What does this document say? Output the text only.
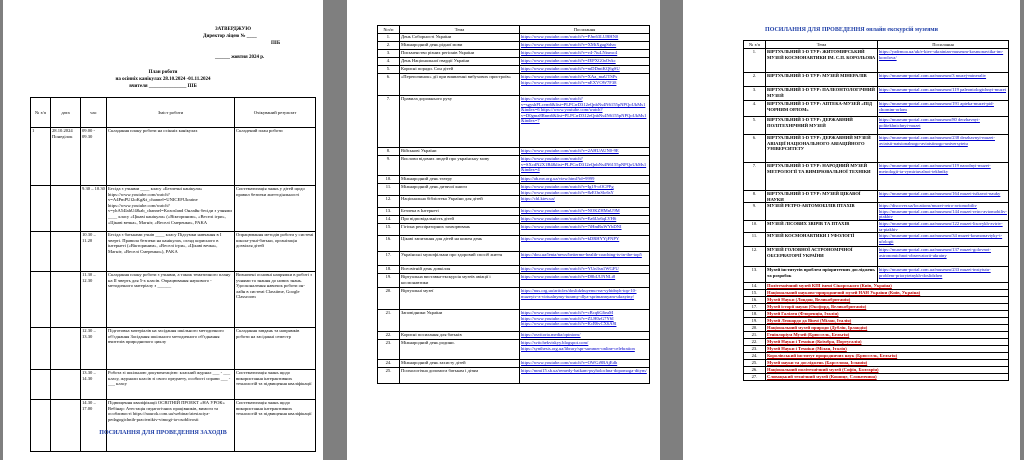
ЗАТВЕРДЖУЮ
Директор ліцею № ____
ПІБ
______ жовтня 2024 р.
План роботи
на осінніх канікулах 28.10.2024 -01.11.2024
вчителя _______________ ПІБ
№ з/п	дата	час	Зміст роботи	Очікуваний результат
1	28.10.2024 Понеділок	09.00 - 09.30	Складання плану роботи на осінніх канікулах	Складений план роботи
		9.30 – 10.30	Бесіда з учнями ____ класу «Безпечні канікули» https://www.youtube.com/watch?v=A4PmPUf2oKg&t_channel=UNICEFUkraine https://www.youtube.com/watch?v=yhA54lahU4&ab_channel=Kozosland Онлайн бесіди з учнями ____ класу «Цікаві канікули» («Вікториним», «Веселі ігри», «Цікаві вечка», Магніт, «Веселі Смеренки», PAKA	Систематизація знань у дітей щодо правил безпеки життєдіяльності
		10.30 – 11.20	Бесіда з батьками учнів ____ класу Підсумки навчання в І чверті. Правила безпеки на канікулах, огляд корисного в інтернеті («Вікториним», «Веселі ігри», «Цікаві вечка», Магніт, «Веселі Смеренки»), PAKA	Опрацювання методів роботи у системі школа-учні-батьки, організація дозвілля дітей
		11.30 – 12.30	Складання плану роботи з учнями, а також тематичного плану на ІІ чверть для 5-х класів. Опрацювання наукового - методичного матеріалу з ______	Визначені основні напрямки в роботі з учнями та знання до нових знань. Удосконалення навичок роботи он-лайн в системі Classtime, Google Classroom
		12.30 – 13.30	Підготовка матеріалів на засідання шкільного методичного об'єднання Засідання шкільного методичного об'єднання вчителів природничого циклу	Складання завдань та напрямків роботи на засіданні семестр
		13.30 – 14.30	Робота зі шкільною документацією: класний журнал ___ - ___ класу, журнали класів зі свого предмету, особисті справи ___ - ___ класу	Систематизація знань щодо використання інтерактивних технологій та підвищення кваліфікації
		14.30 – 17.00	Підвищення кваліфікації ОСВІТНІЙ ПРОЕКТ «НА УРОК» Вебінар: Атестація педагогічних працівників, вимоги та особливості https://naurok.com.ua/webinar/atestaciya-pedagogichnih-pracivnikiv-vimogi-ta-osoblivosti	Систематизація знань щодо використання інтерактивних технологій та підвищення кваліфікації
ПОСИЛАННЯ ДЛЯ ПРОВЕДЕННЯ ЗАХОДІВ
№з/п	Тема	Посилання
1.	День Соборності України	https://www.youtube.com/watch?v=PJm63LUBHN0
2.	Міжнародний день рідної мови	https://www.youtube.com/watch?v=XMtXgagSdsw
3.	Письменство різних регіонів України	https://www.youtube.com/watch?v=v4-7iuLNtxmc4
4.	День Національної гвардії України	https://www.youtube.com/watch?v=JEPXG0aOvkc
5.	Корисні поради. Сон дітей	https://www.youtube.com/watch?v=mDDmtKQ6gSU
6.	«Перепочинок» дії при виявленні вибухових пристроїв»	https://www.youtube.com/watch?v=XAa_maUTSPs https://www.youtube.com/watch?v=nEXVOW7F38
7.	Правила дорожнього руху	https://www.youtube.com/watch?v=sgyshFLcvm6&list=PLPCrrD312eQnbNs4N6155pNPQoUkMs1&index=6 https://www.youtube.com/watch?v=D0gmz8Rnm6&list=PLPCrrD312eQnbNs4N6155pNPQoUkMs1&index=7
8.	Військові України	https://www.youtube.com/watch?v=2AHUAUN0-9E
9.	Вислови відомих людей про українську мову	https://www.youtube.com/watch?v=SXcdN2X1B4&list=PLPCrrD312eQnbNs4N6155pNPQoUkMs1&index=4
10.	Міжнародний день театру	https://ab.mv.org.ua/view.html?id=9999
11.	Міжнародний день дитячої книги	https://www.youtube.com/watch?v=Ig19-oOCPPg https://www.youtube.com/watch?v=8zEOnSlo6sY
12.	Національна бібліотека України для дітей	https://chl.kiev.ua/
13.	Безпека в Інтернеті	https://www.youtube.com/watch?v=NOKZHMnU9M
14.	Про відповідальність дітей	https://www.youtube.com/watch?v=Ea6Uo6qLVH6
15.	Гігієна респіраторних захворювань	https://www.youtube.com/watch?v=7iHmRuWYbDNI
16.	Цікаві запитання для дітей на кожен день	https://www.youtube.com/watch?v=kDRHYYjFNPY
17.	Українські мультфільми про здоровий спосіб життя	https://dou.ua/lenta/news/betterme-health-coaching-is-in-the-top5
18.	Всесвітній день довкілля	https://www.youtube.com/watch?v=YUn3sn1WGFU
19.	Віртуальна виставка-екскурсія музеїв авіації і космонавтики	https://www.youtube.com/watch?v=D8bUUNNLt8
20.	Віртуальні музеї	https://nus.org.ua/articles/doslidzhuyemo-na-vyhidnyh-top-10-muzeyiv-z-virtualnymy-turamy-dlya-sprimannyam-ukrayiny/
21.	Заповідники України	https://www.youtube.com/watch?v=cBcq6G6eaM https://www.youtube.com/watch?v=ZLH0zG7Y6I https://www.youtube.com/watch?v=KcR6vCX6A8I
22.	Корисні посилання для батьків	https://osvitoria.media/opinions/
23.	Міжнародний день родини.	https://svitchekviskyy.blogspot.com/ https://synthesis.org.ua/library/spr-summer-online-celebration
24.	Міжнародний день захисту дітей	https://www.youtube.com/watch?v=OWGi9BAjEdh
25.	Психологічна допомога батькам і дітям	https://mmi15.sb.ua/remedy-batkam-psyholochna-dopomoga-ditym/
ПОСИЛАННЯ ДЛЯ ПРОВЕДЕННЯ онлайн екскурсій музеями
№ з/п	Тема	Посилання
1.	ВІРТУАЛЬНИЙ 3-D ТУР: ЖИТОМИРСЬКИЙ МУЗЕЙ КОСМОНАВТИКИ ІМ. С.П. КОРОЛЬОВА	https://yadrmoa.ua/uk/e-kiev-ukrainian-museum-kosmonavtika-im-korolova/
2.	ВІРТУАЛЬНИЙ 3-D ТУР: МУЗЕЙ МІНЕРАЛІВ	https://museum-portal.com.ua/museum/3 muzej-mineraliv
3.	ВІРТУАЛЬНИЙ 3-D ТУР: ПАЛЕОНТОЛОГІЧНИЙ МУЗЕЙ	https://museum-portal.com.ua/museum/119 paleontologichnyi-muzei
4.	ВІРТУАЛЬНИЙ 3-D ТУР: АПТЕКА-МУЗЕЙ «ПІД ЧОРНИМ ОРЛОМ»	https://museum-portal.com.ua/museum/191 apteka-muzei-pid-chornim-orlom
5.	ВІРТУАЛЬНИЙ 3-D ТУР: ДЕРЖАВНИЙ ПОЛІТЕХНІЧНИЙ МУЗЕЙ	https://museum-portal.com.ua/museum/80 derzhavnyi-politekhnichnyi-muzei
6.	ВІРТУАЛЬНИЙ 3-D ТУР: ДЕРЖАВНИЙ МУЗЕЙ АВІАЦІЇ НАЦІОНАЛЬНОГО АВІАЦІЙНОГО УНІВЕРСИТЕТУ	https://museum-portal.com.ua/museum/238 derzhavnyi-muzei-aviatsii-natsionalnogo-aviatsiinogo-universytetu
7.	ВІРТУАЛЬНИЙ 3-D ТУР: НАРОДНИЙ МУЗЕЙ МЕТРОЛОГІЇ ТА ВИМІРЮВАЛЬНОЇ ТЕХНІКИ	https://museum-portal.com.ua/museum/119 narodnyi-muzei-metrologii-ta-vymiriuvalnoi-tekhniky
8.	ВІРТУАЛЬНИЙ 3-D ТУР: МУЗЕЙ ЦІКАВОЇ НАУКИ	https://museum-portal.com.ua/museum/164 muzei-tsikavoi-nauky
9.	МУЗЕЙ РЕТРО-АВТОМОБІЛІВ ПТАХІВ	https://discover.ua/locations/muzei-retro-avtomobiliv https://museum-portal.com.ua/museum/144 muzei-retro-avtomobiliv-ptakhiv
10.	МУЗЕЙ ЛІСОВИХ ЗВІРІВ ТА ПТАХІВ	https://museum-portal.com.ua/museum/122 muzei-lisovykh-zviriv-ta-ptakhiv
11.	МУЗЕЙ КОСМОНАВТИКИ І УФОЛОГІЇ	https://museum-portal.com.ua/museum/34 muzei-kosmonavtyky-i-ufologii
12.	МУЗЕЙ ГОЛОВНОЇ АСТРОНОМІЧНОЇ ОБСЕРВАТОРІЇ УКРАЇНИ	https://museum-portal.com.ua/museum/137 muzei-golovnoi-astronomichnoi-observatorii-ukrainy
13.	Музей інститутів проблем пріоритетних досліджень та розробок	https://museum-portal.com.ua/museum/233 muzei-instytutu-problem-priorytetnykh-doslidzhen
14.	Політехнічний музей КПІ імені Сікорського (Київ, Україна)	
15.	Національний науково-природничий музей НАН України (Київ, Україна)	
16.	Музей Науки (Лондон, Великобританія)	
17.	Музей історії науки (Оксфорд, Великобританія)	
18.	Музей Галілея (Флоренція, Італія)	
19.	Музей Леонардо да Вінчі (Мілан, Італія)	
20.	Національний музей природи (Дублін, Ірландія)	
21.	Геніплоріум Музей (Брюссель, Бельгія)	
22.	Музей Науки і Техніки (Коїмбра, Португалія)	
23.	Музей Науки і Техніки (Мілан, Італія)	
24.	Королівський інститут природничих наук (Брюссель, Бельгія)	
25.	Музей науки та досліджень (Барселона, Іспанія)	
26.	Національний політехнічний музей (Софія, Болгарія)	
27.	Словацький технічний музей (Кошице, Словаччина)	
